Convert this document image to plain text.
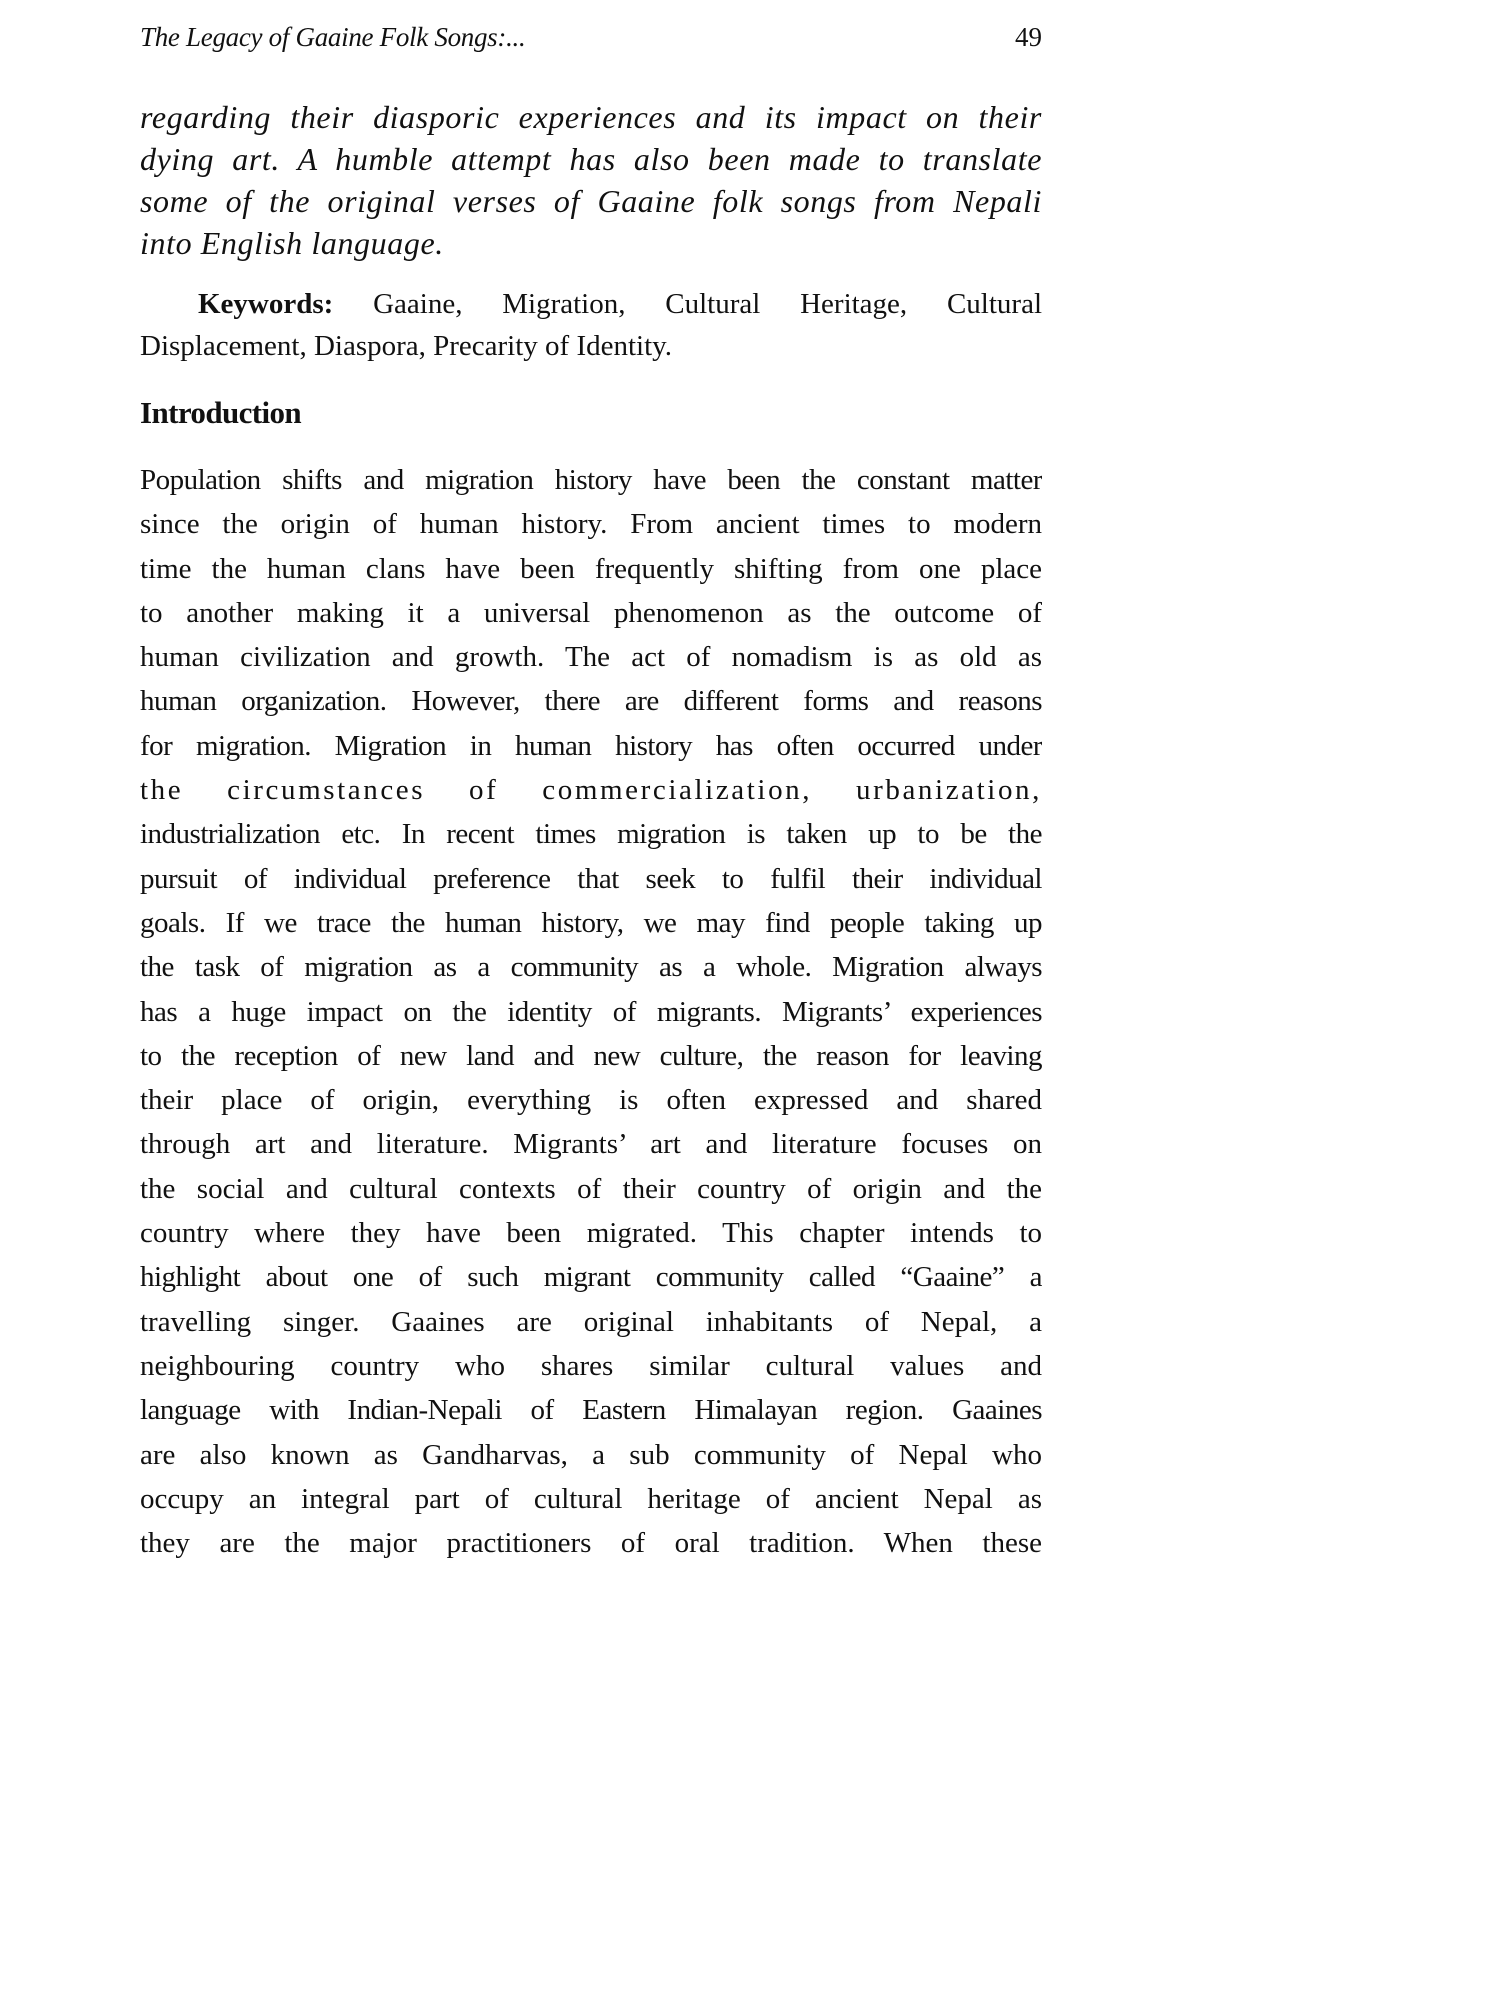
The Legacy of Gaaine Folk Songs:...	49
regarding their diasporic experiences and its impact on their
dying art. A humble attempt has also been made to translate
some of the original verses of Gaaine folk songs from Nepali
into English language.
Keywords: Gaaine, Migration, Cultural Heritage, Cultural
Displacement, Diaspora, Precarity of Identity.
Introduction
Population shifts and migration history have been the constant matter
since the origin of human history. From ancient times to modern
time the human clans have been frequently shifting from one place
to another making it a universal phenomenon as the outcome of
human civilization and growth. The act of nomadism is as old as
human organization. However, there are different forms and reasons
for migration. Migration in human history has often occurred under
the circumstances of commercialization, urbanization,
industrialization etc. In recent times migration is taken up to be the
pursuit of individual preference that seek to fulfil their individual
goals. If we trace the human history, we may find people taking up
the task of migration as a community as a whole. Migration always
has a huge impact on the identity of migrants. Migrants’ experiences
to the reception of new land and new culture, the reason for leaving
their place of origin, everything is often expressed and shared
through art and literature. Migrants’ art and literature focuses on
the social and cultural contexts of their country of origin and the
country where they have been migrated. This chapter intends to
highlight about one of such migrant community called “Gaaine” a
travelling singer. Gaaines are original inhabitants of Nepal, a
neighbouring country who shares similar cultural values and
language with Indian-Nepali of Eastern Himalayan region. Gaaines
are also known as Gandharvas, a sub community of Nepal who
occupy an integral part of cultural heritage of ancient Nepal as
they are the major practitioners of oral tradition. When these
